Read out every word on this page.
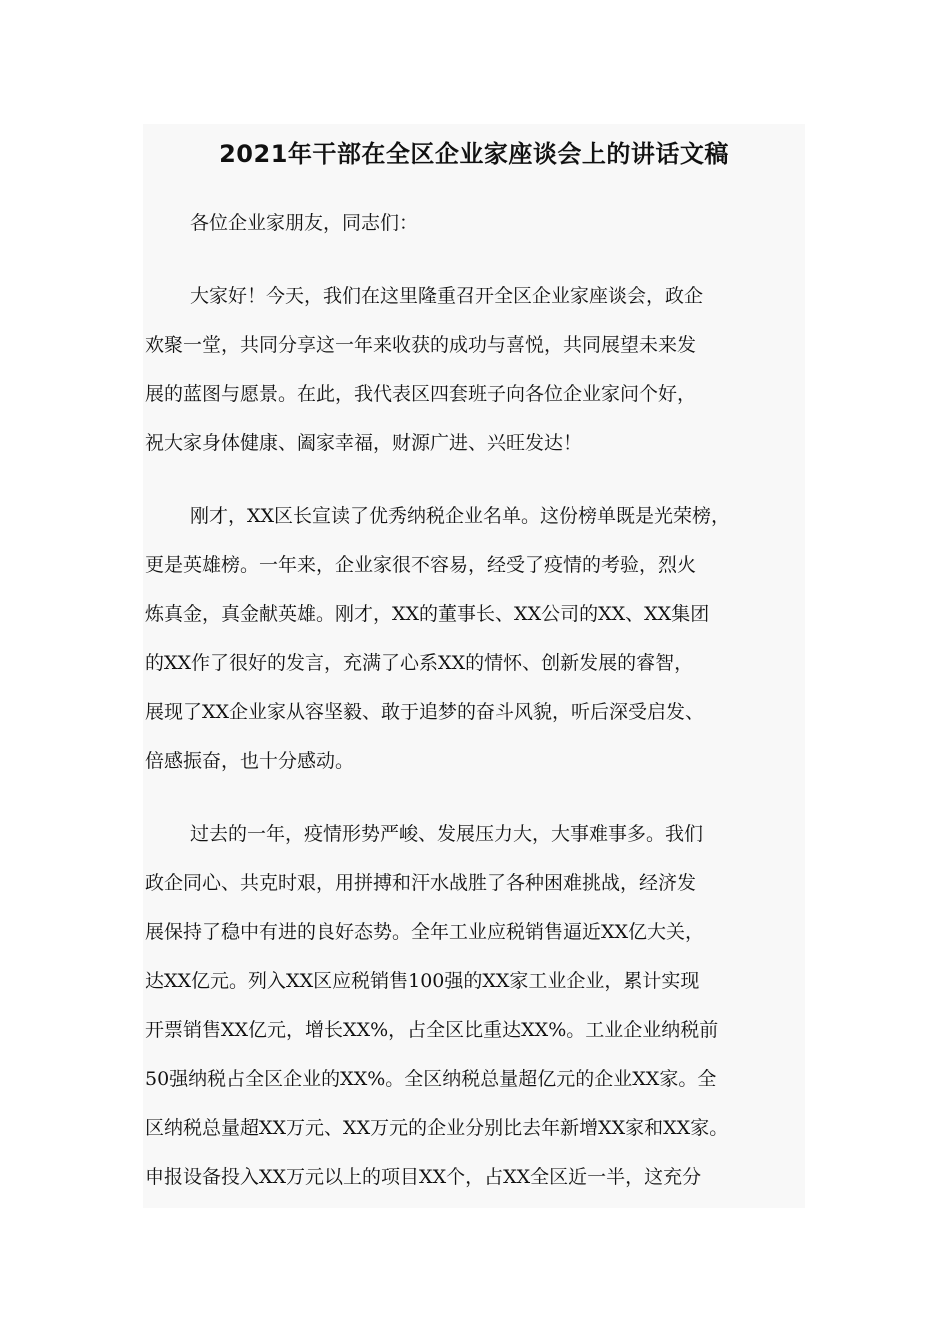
2021年干部在全区企业家座谈会上的讲话文稿

各位企业家朋友，同志们：

大家好！今天，我们在这里隆重召开全区企业家座谈会，政企
欢聚一堂，共同分享这一年来收获的成功与喜悦，共同展望未来发
展的蓝图与愿景。在此，我代表区四套班子向各位企业家问个好，
祝大家身体健康、阖家幸福，财源广进、兴旺发达！
刚才，XX区长宣读了优秀纳税企业名单。这份榜单既是光荣榜，
更是英雄榜。一年来，企业家很不容易，经受了疫情的考验，烈火
炼真金，真金献英雄。刚才，XX的董事长、XX公司的XX、XX集团
的XX作了很好的发言，充满了心系XX的情怀、创新发展的睿智，
展现了XX企业家从容坚毅、敢于追梦的奋斗风貌，听后深受启发、
倍感振奋，也十分感动。
过去的一年，疫情形势严峻、发展压力大，大事难事多。我们
政企同心、共克时艰，用拼搏和汗水战胜了各种困难挑战，经济发
展保持了稳中有进的良好态势。全年工业应税销售逼近XX亿大关，
达XX亿元。列入XX区应税销售100强的XX家工业企业，累计实现
开票销售XX亿元，增长XX%，占全区比重达XX%。工业企业纳税前
50强纳税占全区企业的XX%。全区纳税总量超亿元的企业XX家。全
区纳税总量超XX万元、XX万元的企业分别比去年新增XX家和XX家。
申报设备投入XX万元以上的项目XX个，占XX全区近一半，这充分
